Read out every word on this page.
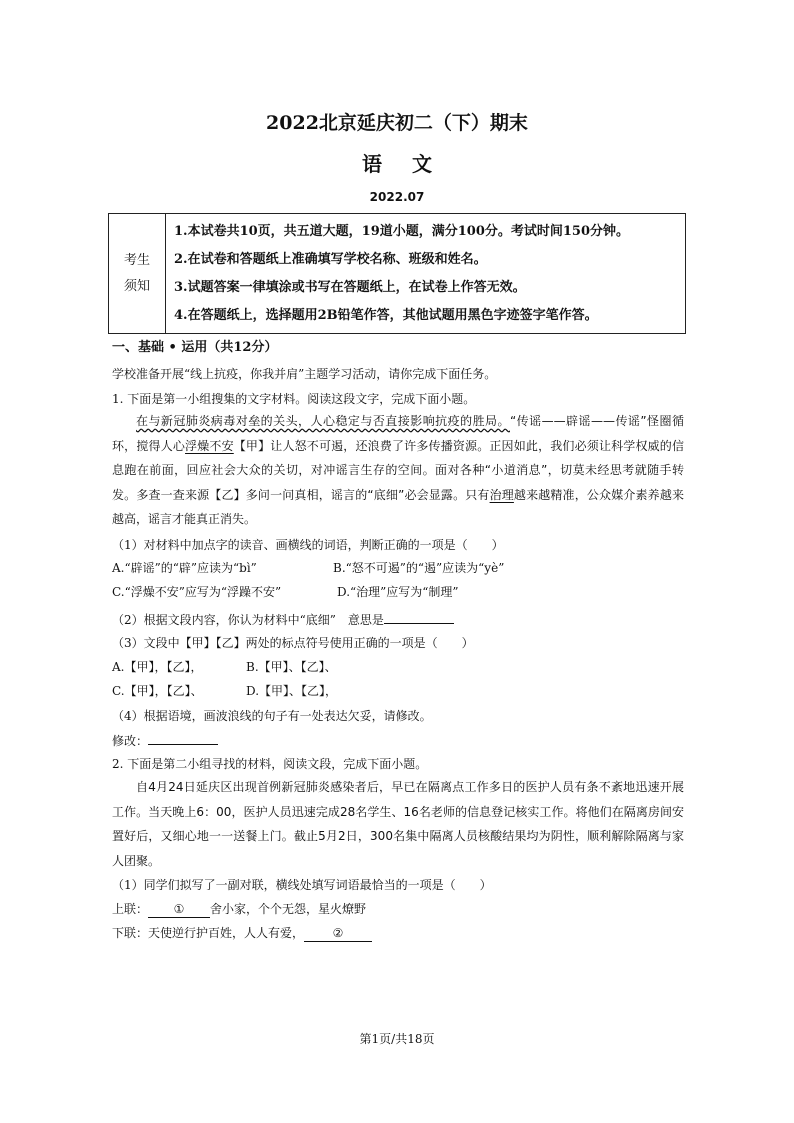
2022北京延庆初二（下）期末
语文
2022.07
考生
须知
1.本试卷共10页，共五道大题，19道小题，满分100分。考试时间150分钟。
2.在试卷和答题纸上准确填写学校名称、班级和姓名。
3.试题答案一律填涂或书写在答题纸上，在试卷上作答无效。
4.在答题纸上，选择题用2B铅笔作答，其他试题用黑色字迹签字笔作答。
一、基础 • 运用（共12分）
学校准备开展“线上抗疫，你我并肩”主题学习活动，请你完成下面任务。
1. 下面是第一小组搜集的文字材料。阅读这段文字，完成下面小题。
在与新冠肺炎病毒对垒的关头，人心稳定与否直接影响抗疫的胜局。“传谣——辟谣——传谣”怪圈循环，搅得人心浮燥不安【甲】让人怒不可遏，还浪费了许多传播资源。正因如此，我们必须让科学权威的信息跑在前面，回应社会大众的关切，对冲谣言生存的空间。面对各种“小道消息”，切莫未经思考就随手转发。多查一查来源【乙】多问一问真相，谣言的“底细”必会显露。只有治理越来越精准，公众媒介素养越来越高，谣言才能真正消失。
（1）对材料中加点字的读音、画横线的词语，判断正确的一项是（　　）
A.“辟谣”的“辟”应读为“bì”	B.“怒不可遏”的“遏”应读为“yè”
C.“浮燥不安”应写为“浮躁不安”	D.“治理”应写为“制理”
（2）根据文段内容，你认为材料中“底细”　意思是
（3）文段中【甲】【乙】两处的标点符号使用正确的一项是（　　）
A.【甲】，【乙】，	B.【甲】、【乙】、
C.【甲】，【乙】、	D.【甲】、【乙】，
（4）根据语境，画波浪线的句子有一处表达欠妥，请修改。
修改：
2. 下面是第二小组寻找的材料，阅读文段，完成下面小题。
自4月24日延庆区出现首例新冠肺炎感染者后，早已在隔离点工作多日的医护人员有条不紊地迅速开展工作。当天晚上6：00，医护人员迅速完成28名学生、16名老师的信息登记核实工作。将他们在隔离房间安置好后，又细心地一一送餐上门。截止5月2日，300名集中隔离人员核酸结果均为阴性，顺利解除隔离与家人团聚。
（1）同学们拟写了一副对联，横线处填写词语最恰当的一项是（　　）
上联： ① 舍小家，个个无怨，星火燎野
下联：天使逆行护百姓，人人有爱， ②
第1页/共18页
